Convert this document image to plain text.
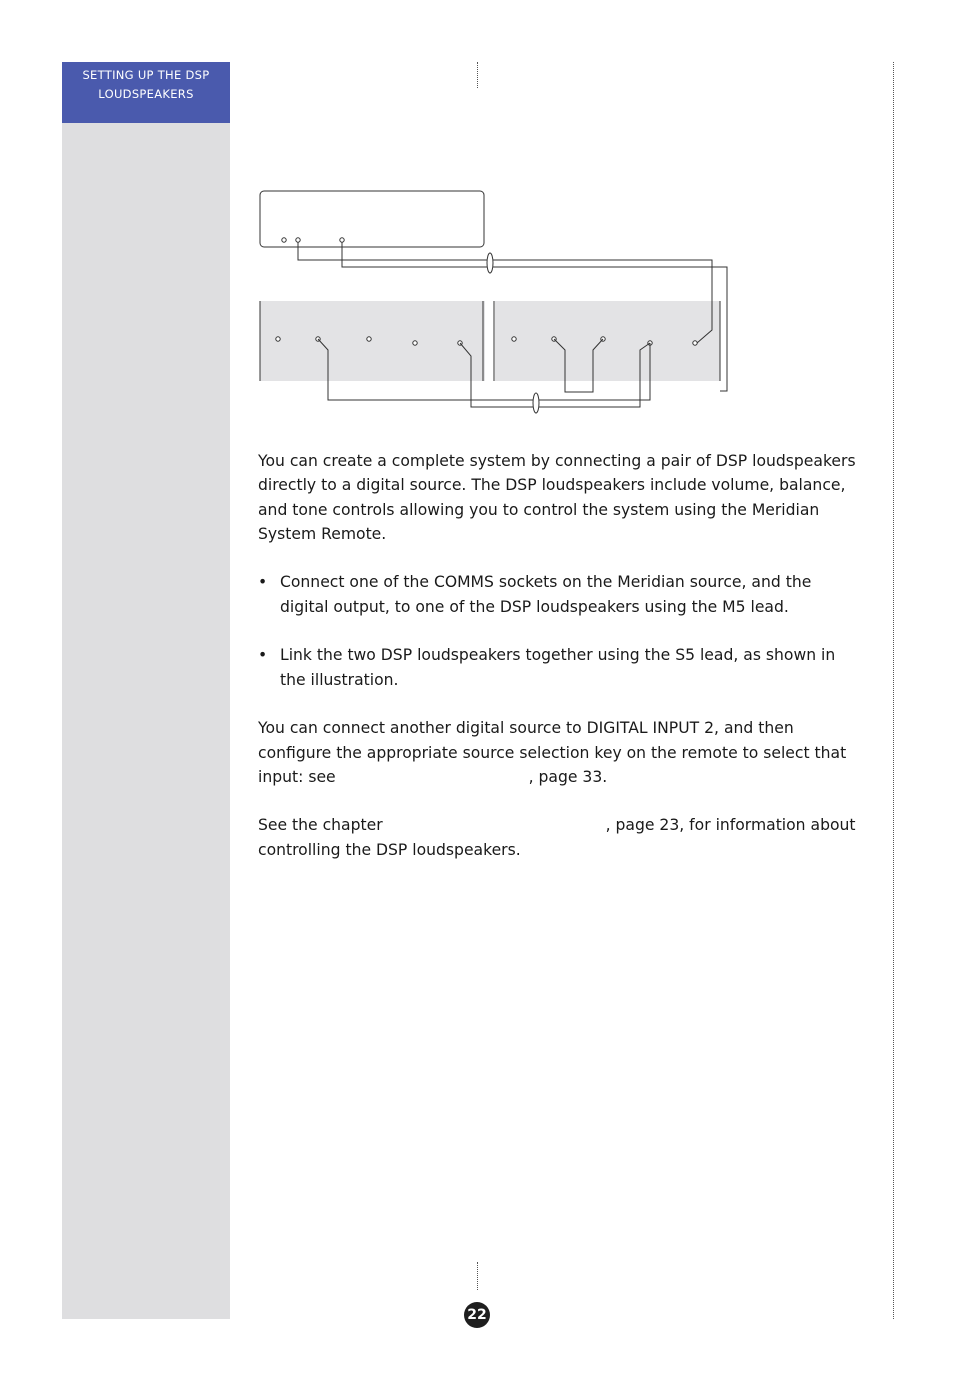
SETTING UP THE DSP
LOUDSPEAKERS

You can create a complete system by connecting a pair of DSP loudspeakers directly to a digital source. The DSP loudspeakers include volume, balance, and tone controls allowing you to control the system using the Meridian System Remote.

• Connect one of the COMMS sockets on the Meridian source, and the digital output, to one of the DSP loudspeakers using the M5 lead.
• Link the two DSP loudspeakers together using the S5 lead, as shown in the illustration.

You can connect another digital source to DIGITAL INPUT 2, and then configure the appropriate source selection key on the remote to select that input: see	, page 33.

See the chapter	, page 23, for information about controlling the DSP loudspeakers.

22
